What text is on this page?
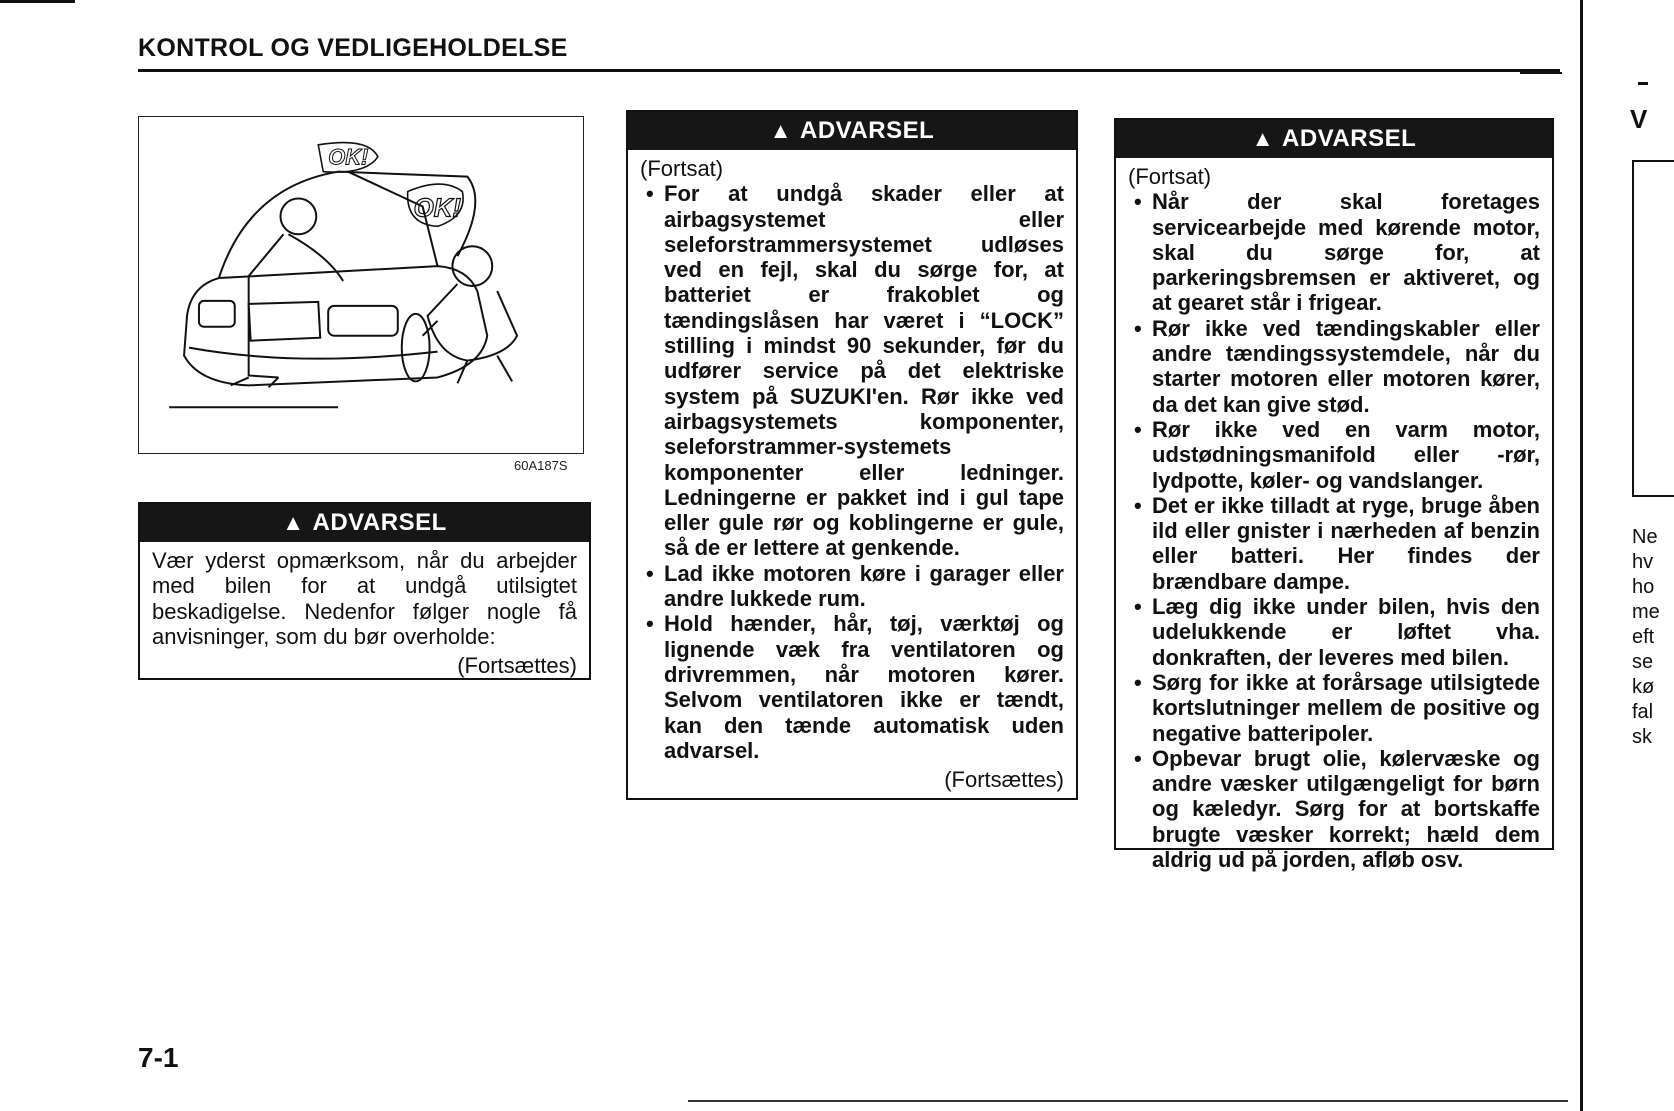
KONTROL OG VEDLIGEHOLDELSE
OK!
OK!
60A187S
▲ ADVARSEL

Vær yderst opmærksom, når du arbejder med bilen for at undgå utilsigtet beskadigelse. Nedenfor følger nogle få anvisninger, som du bør overholde:

(Fortsættes)
▲ ADVARSEL

(Fortsat)

• For at undgå skader eller at airbagsystemet eller seleforstrammersystemet udløses ved en fejl, skal du sørge for, at batteriet er frakoblet og tændingslåsen har været i “LOCK” stilling i mindst 90 sekunder, før du udfører service på det elektriske system på SUZUKI'en. Rør ikke ved airbagsystemets komponenter, seleforstrammer-systemets komponenter eller ledninger. Ledningerne er pakket ind i gul tape eller gule rør og koblingerne er gule, så de er lettere at genkende.
• Lad ikke motoren køre i garager eller andre lukkede rum.
• Hold hænder, hår, tøj, værktøj og lignende væk fra ventilatoren og drivremmen, når motoren kører. Selvom ventilatoren ikke er tændt, kan den tænde automatisk uden advarsel.
(Fortsættes)
▲ ADVARSEL

(Fortsat)

• Når der skal foretages servicearbejde med kørende motor, skal du sørge for, at parkeringsbremsen er aktiveret, og at gearet står i frigear.
• Rør ikke ved tændingskabler eller andre tændingssystemdele, når du starter motoren eller motoren kører, da det kan give stød.
• Rør ikke ved en varm motor, udstødningsmanifold eller -rør, lydpotte, køler- og vandslanger.
• Det er ikke tilladt at ryge, bruge åben ild eller gnister i nærheden af benzin eller batteri. Her findes der brændbare dampe.
• Læg dig ikke under bilen, hvis den udelukkende er løftet vha. donkraften, der leveres med bilen.
• Sørg for ikke at forårsage utilsigtede kortslutninger mellem de positive og negative batteripoler.
• Opbevar brugt olie, kølervæske og andre væsker utilgængeligt for børn og kæledyr. Sørg for at bortskaffe brugte væsker korrekt; hæld dem aldrig ud på jorden, afløb osv.
V
Ne
hv
ho
me
eft
se
kø
fal
sk
7-1
